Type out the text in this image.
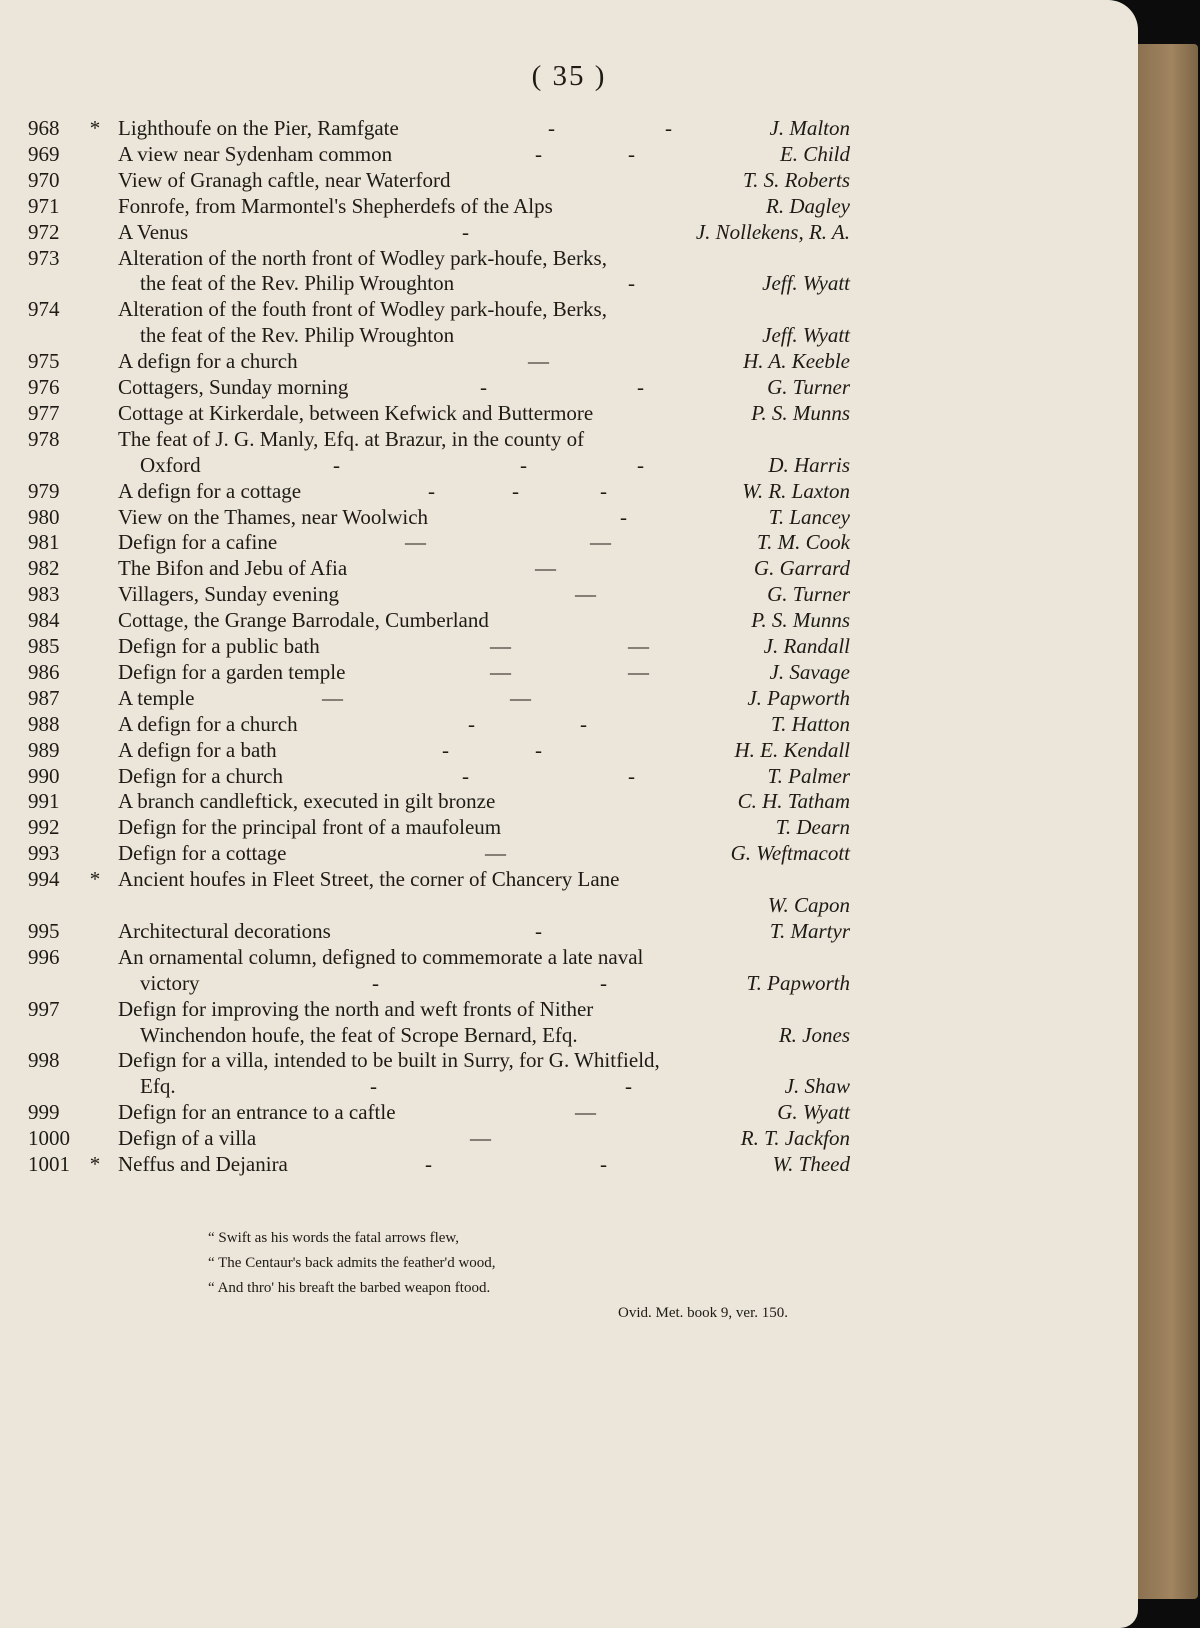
( 35 )
968	* Lighthoufe on the Pier, Ramfgate	-	-	J. Malton
969	A view near Sydenham common	-	-	E. Child
970	View of Granagh caftle, near Waterford	T. S. Roberts
971	Fonrofe, from Marmontel's Shepherdefs of the Alps	R. Dagley
972	A Venus	-	J. Nollekens, R. A.
973	Alteration of the north front of Wodley park-houfe, Berks,
the feat of the Rev. Philip Wroughton	-	Jeff. Wyatt
974	Alteration of the fouth front of Wodley park-houfe, Berks,
the feat of the Rev. Philip Wroughton	Jeff. Wyatt
975	A defign for a church	—	H. A. Keeble
976	Cottagers, Sunday morning	-	-	G. Turner
977	Cottage at Kirkerdale, between Kefwick and Buttermore	P. S. Munns
978	The feat of J. G. Manly, Efq. at Brazur, in the county of
Oxford	-	-	-	D. Harris
979	A defign for a cottage	-	-	-	W. R. Laxton
980	View on the Thames, near Woolwich	-	T. Lancey
981	Defign for a cafine	—	—	T. M. Cook
982	The Bifon and Jebu of Afia	—	G. Garrard
983	Villagers, Sunday evening	—	G. Turner
984	Cottage, the Grange Barrodale, Cumberland	P. S. Munns
985	Defign for a public bath	—	—	J. Randall
986	Defign for a garden temple	—	—	J. Savage
987	A temple	—	—	J. Papworth
988	A defign for a church	-	-	T. Hatton
989	A defign for a bath	-	-	H. E. Kendall
990	Defign for a church	-	-	T. Palmer
991	A branch candleftick, executed in gilt bronze	C. H. Tatham
992	Defign for the principal front of a maufoleum	T. Dearn
993	Defign for a cottage	—	G. Weftmacott
994	* Ancient houfes in Fleet Street, the corner of Chancery Lane
W. Capon
995	Architectural decorations	-	T. Martyr
996	An ornamental column, defigned to commemorate a late naval
victory	-	-	T. Papworth
997	Defign for improving the north and weft fronts of Nither
Winchendon houfe, the feat of Scrope Bernard, Efq.	R. Jones
998	Defign for a villa, intended to be built in Surry, for G. Whitfield,
Efq.	-	-	J. Shaw
999	Defign for an entrance to a caftle	—	G. Wyatt
1000	Defign of a villa	—	R. T. Jackfon
1001 * Neffus and Dejanira	-	-	W. Theed
“ Swift as his words the fatal arrows flew,
“ The Centaur's back admits the feather'd wood,
“ And thro' his breaft the barbed weapon ftood.
Ovid. Met. book 9, ver. 150.
